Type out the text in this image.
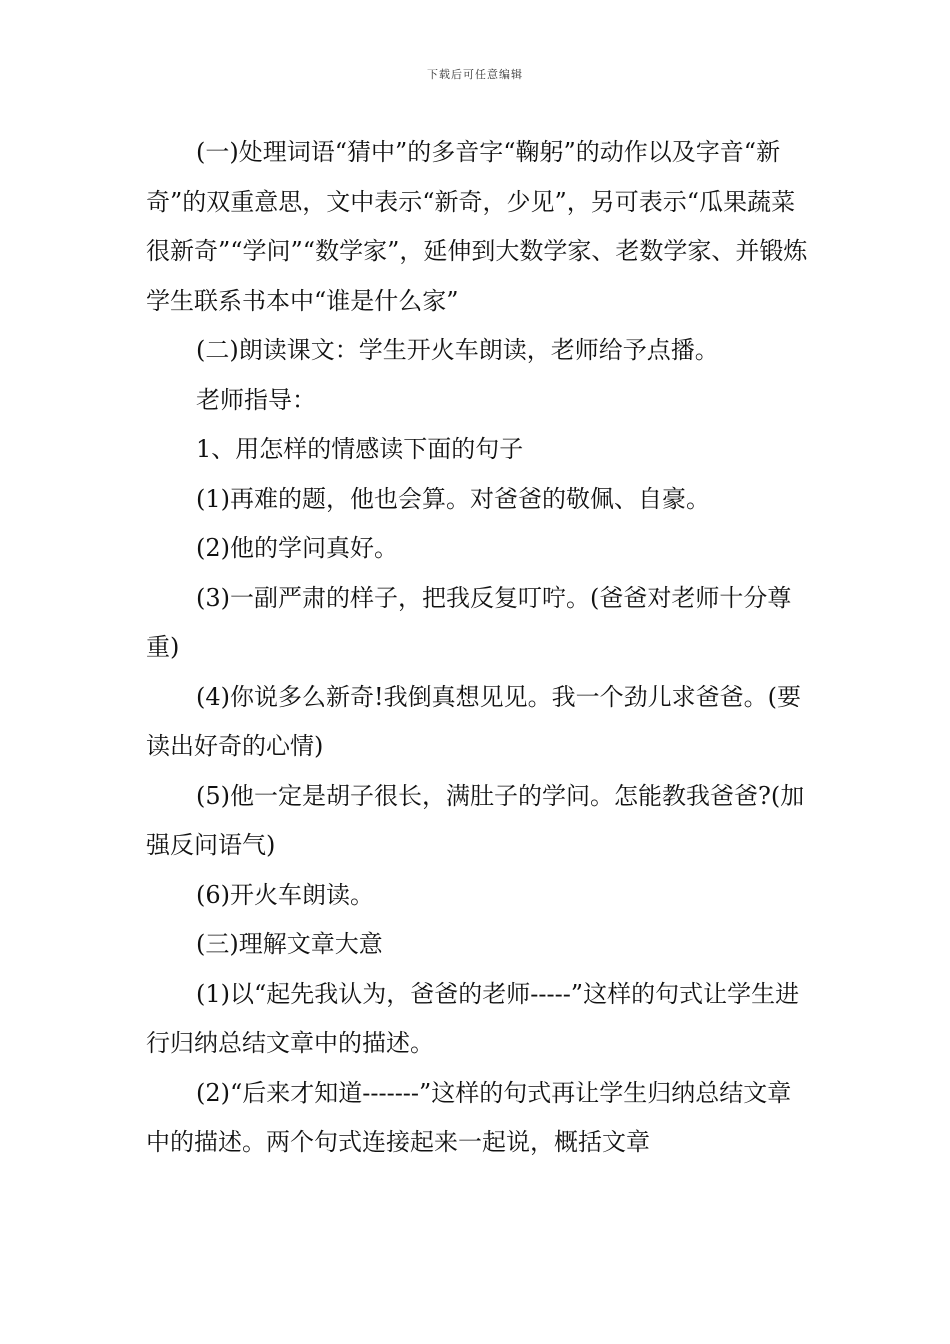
下载后可任意编辑

(一)处理词语“猜中”的多音字“鞠躬”的动作以及字音“新奇”的双重意思，文中表示“新奇，少见”，另可表示“瓜果蔬菜很新奇”“学问”“数学家”，延伸到大数学家、老数学家、并锻炼学生联系书本中“谁是什么家”

(二)朗读课文：学生开火车朗读，老师给予点播。

老师指导：

1、用怎样的情感读下面的句子

(1)再难的题，他也会算。对爸爸的敬佩、自豪。

(2)他的学问真好。

(3)一副严肃的样子，把我反复叮咛。(爸爸对老师十分尊重)

(4)你说多么新奇!我倒真想见见。我一个劲儿求爸爸。(要读出好奇的心情)

(5)他一定是胡子很长，满肚子的学问。怎能教我爸爸?(加强反问语气)

(6)开火车朗读。

(三)理解文章大意

(1)以“起先我认为，爸爸的老师-----”这样的句式让学生进行归纳总结文章中的描述。

(2)“后来才知道-------”这样的句式再让学生归纳总结文章中的描述。两个句式连接起来一起说，概括文章
